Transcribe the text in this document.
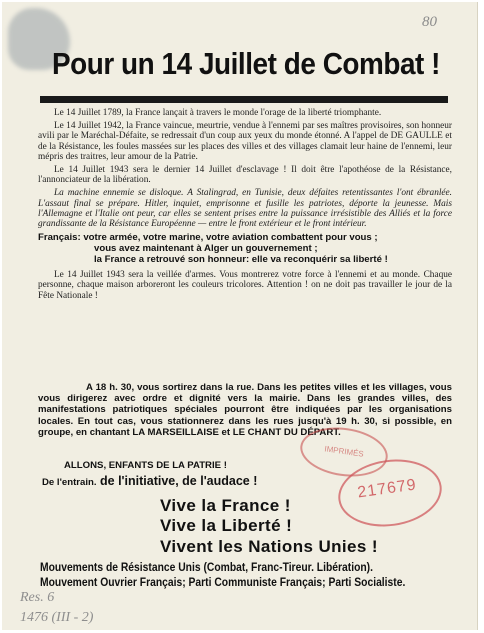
80
Pour un 14 Juillet de Combat !

Le 14 Juillet 1789, la France lançait à travers le monde l'orage de la liberté triomphante.

Le 14 Juillet 1942, la France vaincue, meurtrie, vendue à l'ennemi par ses maîtres provisoires, son honneur avili par le Maréchal-Défaite, se redressait d'un coup aux yeux du monde étonné. A l'appel de DE GAULLE et de la Résistance, les foules massées sur les places des villes et des villages clamait leur haine de l'ennemi, leur mépris des traitres, leur amour de la Patrie.

Le 14 Juillet 1943 sera le dernier 14 Juillet d'esclavage ! Il doit être l'apothéose de la Résistance, l'annonciateur de la libération.

La machine ennemie se disloque. A Stalingrad, en Tunisie, deux défaites retentissantes l'ont ébranlée. L'assaut final se prépare. Hitler, inquiet, emprisonne et fusille les patriotes, déporte la jeunesse. Mais l'Allemagne et l'Italie ont peur, car elles se sentent prises entre la puissance irrésistible des Alliés et la force grandissante de la Résistance Européenne — entre le front extérieur et le front intérieur.

Français: votre armée, votre marine, votre aviation combattent pour vous ;
vous avez maintenant à Alger un gouvernement ;
la France a retrouvé son honneur: elle va reconquérir sa liberté !

Le 14 Juillet 1943 sera la veillée d'armes. Vous montrerez votre force à l'ennemi et au monde. Chaque personne, chaque maison arboreront les couleurs tricolores. Attention ! on ne doit pas travailler le jour de la Fête Nationale !

A 18 h. 30, vous sortirez dans la rue. Dans les petites villes et les villages, vous vous dirigerez avec ordre et dignité vers la mairie. Dans les grandes villes, des manifestations patriotiques spéciales pourront être indiquées par les organisations locales. En tout cas, vous stationnerez dans les rues jusqu'à 19 h. 30, si possible, en groupe, en chantant LA MARSEILLAISE et LE CHANT DU DÉPART.
IMPRIMÉS
217679
ALLONS, ENFANTS DE LA PATRIE !
De l'entrain. de l'initiative, de l'audace !
Vive la France !
Vive la Liberté !
Vivent les Nations Unies !
Mouvements de Résistance Unis (Combat, Franc-Tireur. Libération).
Mouvement Ouvrier Français; Parti Communiste Français; Parti Socialiste.
Res. 6
1476 (III - 2)
